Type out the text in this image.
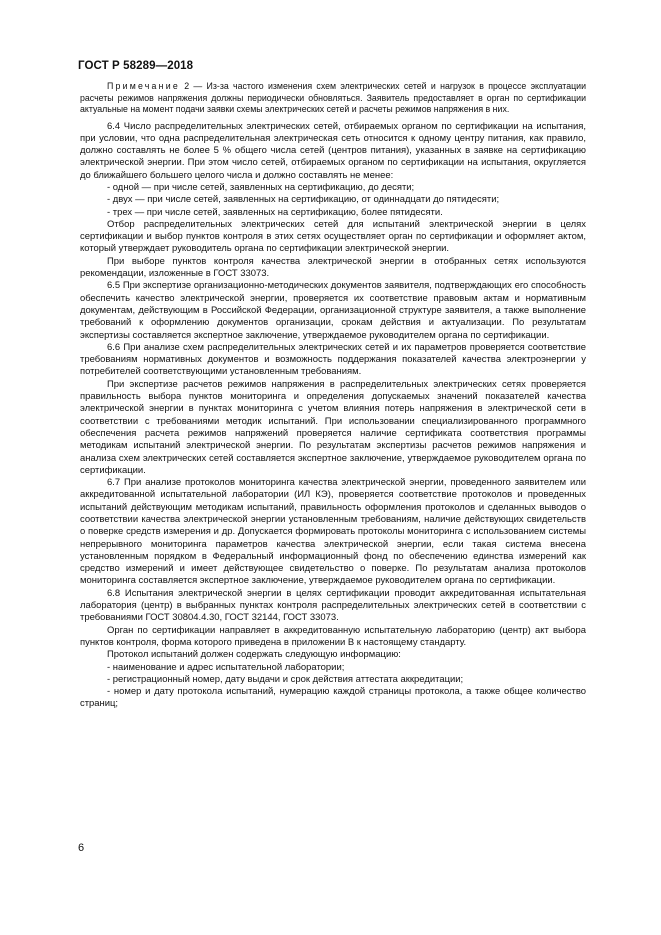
ГОСТ Р 58289—2018

Примечание 2 — Из-за частого изменения схем электрических сетей и нагрузок в процессе эксплуатации расчеты режимов напряжения должны периодически обновляться. Заявитель предоставляет в орган по сертификации актуальные на момент подачи заявки схемы электрических сетей и расчеты режимов напряжения в них.

6.4 Число распределительных электрических сетей, отбираемых органом по сертификации на испытания, при условии, что одна распределительная электрическая сеть относится к одному центру питания, как правило, должно составлять не более 5 % общего числа сетей (центров питания), указанных в заявке на сертификацию электрической энергии. При этом число сетей, отбираемых органом по сертификации на испытания, округляется до ближайшего большего целого числа и должно составлять не менее:

- одной — при числе сетей, заявленных на сертификацию, до десяти;

- двух — при числе сетей, заявленных на сертификацию, от одиннадцати до пятидесяти;

- трех — при числе сетей, заявленных на сертификацию, более пятидесяти.

Отбор распределительных электрических сетей для испытаний электрической энергии в целях сертификации и выбор пунктов контроля в этих сетях осуществляет орган по сертификации и оформляет актом, который утверждает руководитель органа по сертификации электрической энергии.

При выборе пунктов контроля качества электрической энергии в отобранных сетях используются рекомендации, изложенные в ГОСТ 33073.

6.5 При экспертизе организационно-методических документов заявителя, подтверждающих его способность обеспечить качество электрической энергии, проверяется их соответствие правовым актам и нормативным документам, действующим в Российской Федерации, организационной структуре заявителя, а также выполнение требований к оформлению документов организации, срокам действия и актуализации. По результатам экспертизы составляется экспертное заключение, утверждаемое руководителем органа по сертификации.

6.6 При анализе схем распределительных электрических сетей и их параметров проверяется соответствие требованиям нормативных документов и возможность поддержания показателей качества электроэнергии у потребителей соответствующими установленным требованиям.

При экспертизе расчетов режимов напряжения в распределительных электрических сетях проверяется правильность выбора пунктов мониторинга и определения допускаемых значений показателей качества электрической энергии в пунктах мониторинга с учетом влияния потерь напряжения в электрической сети в соответствии с требованиями методик испытаний. При использовании специализированного программного обеспечения расчета режимов напряжений проверяется наличие сертификата соответствия программы методикам испытаний электрической энергии. По результатам экспертизы расчетов режимов напряжения и анализа схем электрических сетей составляется экспертное заключение, утверждаемое руководителем органа по сертификации.

6.7 При анализе протоколов мониторинга качества электрической энергии, проведенного заявителем или аккредитованной испытательной лаборатории (ИЛ КЭ), проверяется соответствие протоколов и проведенных испытаний действующим методикам испытаний, правильность оформления протоколов и сделанных выводов о соответствии качества электрической энергии установленным требованиям, наличие действующих свидетельств о поверке средств измерения и др. Допускается формировать протоколы мониторинга с использованием системы непрерывного мониторинга параметров качества электрической энергии, если такая система внесена установленным порядком в Федеральный информационный фонд по обеспечению единства измерений как средство измерений и имеет действующее свидетельство о поверке. По результатам анализа протоколов мониторинга составляется экспертное заключение, утверждаемое руководителем органа по сертификации.

6.8 Испытания электрической энергии в целях сертификации проводит аккредитованная испытательная лаборатория (центр) в выбранных пунктах контроля распределительных электрических сетей в соответствии с требованиями ГОСТ 30804.4.30, ГОСТ 32144, ГОСТ 33073.

Орган по сертификации направляет в аккредитованную испытательную лабораторию (центр) акт выбора пунктов контроля, форма которого приведена в приложении В к настоящему стандарту.

Протокол испытаний должен содержать следующую информацию:

- наименование и адрес испытательной лаборатории;

- регистрационный номер, дату выдачи и срок действия аттестата аккредитации;

- номер и дату протокола испытаний, нумерацию каждой страницы протокола, а также общее количество страниц;

6
